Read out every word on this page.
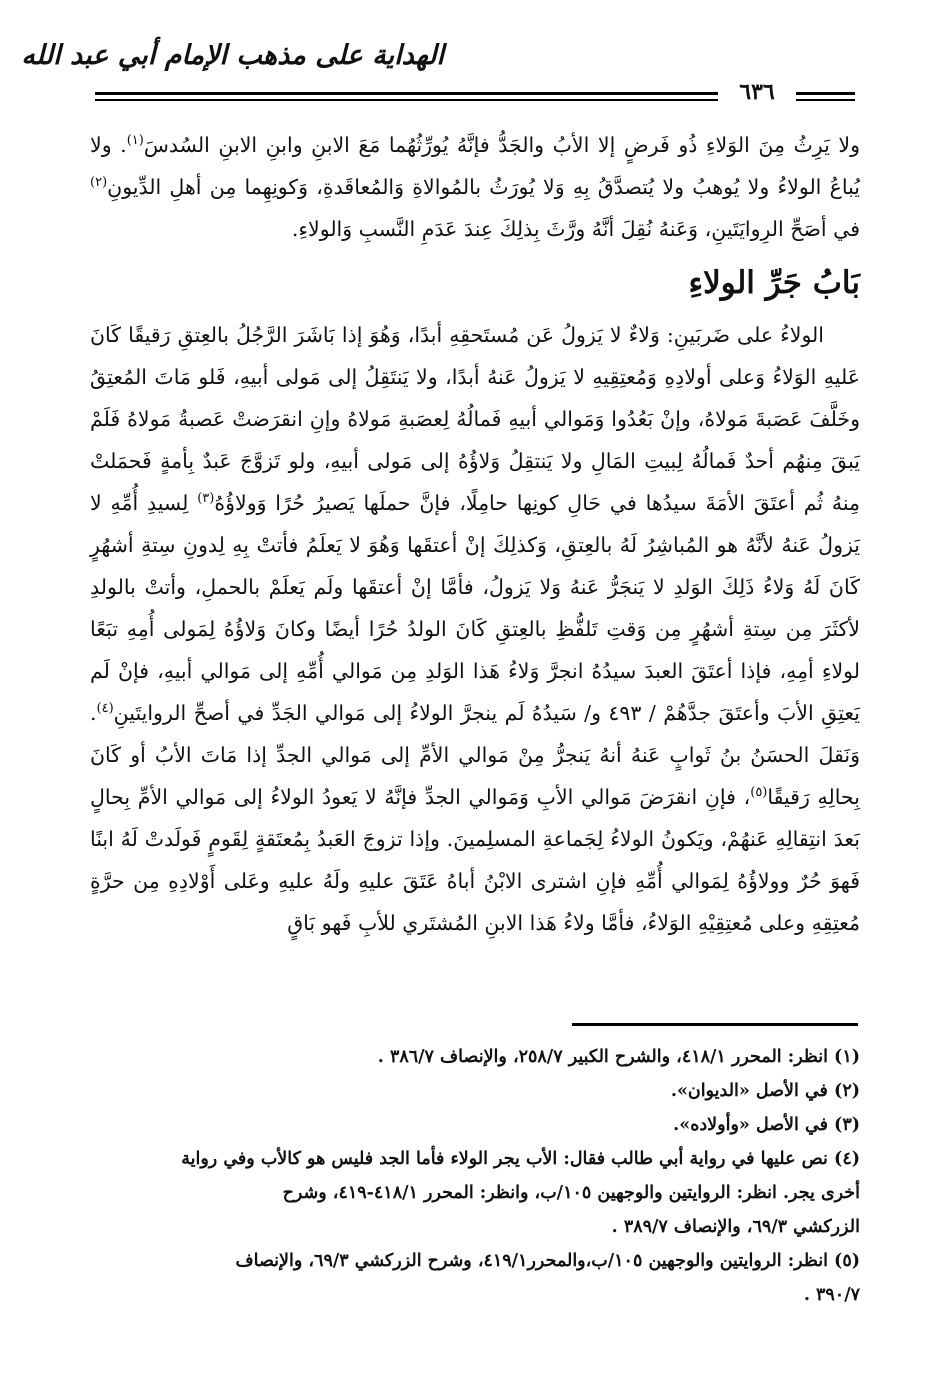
الهداية على مذهب الإمام أبي عبد الله
٦٣٦

ولا يَرِثُ مِنَ الوَلاءِ ذُو فَرضٍ إلا الأبُ والجَدُّ فإنَّهُ يُورِّثُهُما مَعَ الابنِ وابنِ الابنِ السُدسَ$^{(١)}$. ولا يُباعُ الولاءُ ولا يُوهبُ ولا يُتصدَّقُ بِهِ وَلا يُورَثُ بالمُوالاةِ وَالمُعاقَدةِ، وَكونِهِما مِن أهلِ الدِّيونِ$^{(٢)}$ في أصَحِّ الرِوايَتَينِ، وَعَنهُ نُقِلَ أنَّهُ ورَّثَ بِذلِكَ عِندَ عَدَمِ النَّسبِ وَالولاءِ.

بَابُ جَرِّ الولاءِ

الولاءُ على ضَربَينِ: وَلاءٌ لا يَزولُ عَن مُستَحقِهِ أبدًا، وَهُوَ إذا بَاشَرَ الرَّجُلُ بالعِتقِ رَقيقًا كَانَ عَليهِ الوَلاءُ وَعلى أولادِهِ وَمُعتِقِيهِ لا يَزولُ عَنهُ أبدًا، ولا يَنتَقِلُ إلى مَولى أبيهِ، فَلو مَاتَ المُعتِقُ وخَلَّفَ عَصَبةَ مَولاهُ، وإنْ بَعُدُوا وَمَوالي أبيهِ فَمالُهُ لِعصَبةِ مَولاهُ وإنِ انقرَضتْ عَصبةُ مَولاهُ فَلَمْ يَبقَ مِنهُم أحدٌ فَمالُهُ لِبيتِ المَالِ ولا يَنتقِلُ وَلاؤُهُ إلى مَولى أبيهِ، ولو تَزوَّجَ عَبدٌ بِأمةٍ فَحمَلتْ مِنهُ ثُم أعتَقَ الأمَةَ سيدُها في حَالِ كونِها حامِلًا، فإنَّ حملَها يَصيرُ حُرًا وَولاؤُهُ$^{(٣)}$ لِسيدِ أُمِّهِ لا يَزولُ عَنهُ لأنَّهُ هو المُباشِرُ لَهُ بالعِتقِ، وَكذلِكَ إنْ أعتقَها وَهُوَ لا يَعلَمُ فأتتْ بِهِ لِدونِ سِتةِ أشهُرٍ كَانَ لَهُ وَلاءُ ذَلِكَ الوَلدِ لا يَنجَرُّ عَنهُ وَلا يَزولُ، فأمَّا إنْ أعتقَها ولَم يَعلَمْ بالحملِ، وأتتْ بالولدِ لأكثَرَ مِن سِتةِ أشهُرٍ مِن وَقتِ تَلفُّظِ بالعِتقِ كَانَ الولدُ حُرًا أيضًا وكانَ وَلاؤُهُ لِمَولى أُمِهِ تبَعًا لولاءِ أمِهِ، فإذا أعتَقَ العبدَ سيدُهُ انجرَّ وَلاءُ هَذا الوَلدِ مِن مَوالي أُمِّهِ إلى مَوالي أبيهِ، فإنْ لَم يَعتِقِ الأبَ وأعتَقَ جدَّهُمْ / ٤٩٣ و/ سَيدُهُ لَم ينجرَّ الولاءُ إلى مَوالي الجَدِّ في أصحِّ الروايتَينِ$^{(٤)}$. وَنَقلَ الحسَنُ بنُ ثَوابٍ عَنهُ أنهُ يَنجرُّ مِنْ مَوالي الأمِّ إلى مَوالي الجدِّ إذا مَاتَ الأبُ أو كَانَ بِحالِهِ رَقيقًا$^{(٥)}$، فإنِ انقرَضَ مَوالي الأبِ وَمَوالي الجدِّ فإنَّهُ لا يَعودُ الولاءُ إلى مَوالي الأمِّ بِحالٍ بَعدَ انتِقالِهِ عَنهُمْ، ويَكونُ الولاءُ لِجَماعةِ المسلِمينَ. وإذا تزوجَ العَبدُ بِمُعتَقةٍ لِقَومٍ فَولَدتْ لَهُ ابنًا فَهوَ حُرٌ وولاؤُهُ لِمَوالي أُمِّهِ فإنِ اشترى الابْنُ أباهُ عَتَقَ عليهِ ولَهُ عليهِ وعَلى أَوْلادِهِ مِن حرَّةٍ مُعتِقِهِ وعلى مُعتِقِيْهِ الوَلاءُ، فأمَّا ولاءُ هَذا الابنِ المُشتَري للأبِ فَهو بَاقٍ

(١) انظر: المحرر ٤١٨/١، والشرح الكبير ٢٥٨/٧، والإنصاف ٣٨٦/٧ .

(٢) في الأصل «الديوان».

(٣) في الأصل «وأولاده».

(٤) نص عليها في رواية أبي طالب فقال: الأب يجر الولاء فأما الجد فليس هو كالأب وفي رواية

أخرى يجر. انظر: الروايتين والوجهين ١٠٥/ب، وانظر: المحرر ٤١٨/١-٤١٩، وشرح

الزركشي ٦٩/٣، والإنصاف ٣٨٩/٧ .

(٥) انظر: الروايتين والوجهين ١٠٥/ب،والمحرر٤١٩/١، وشرح الزركشي ٦٩/٣، والإنصاف

٣٩٠/٧ .
